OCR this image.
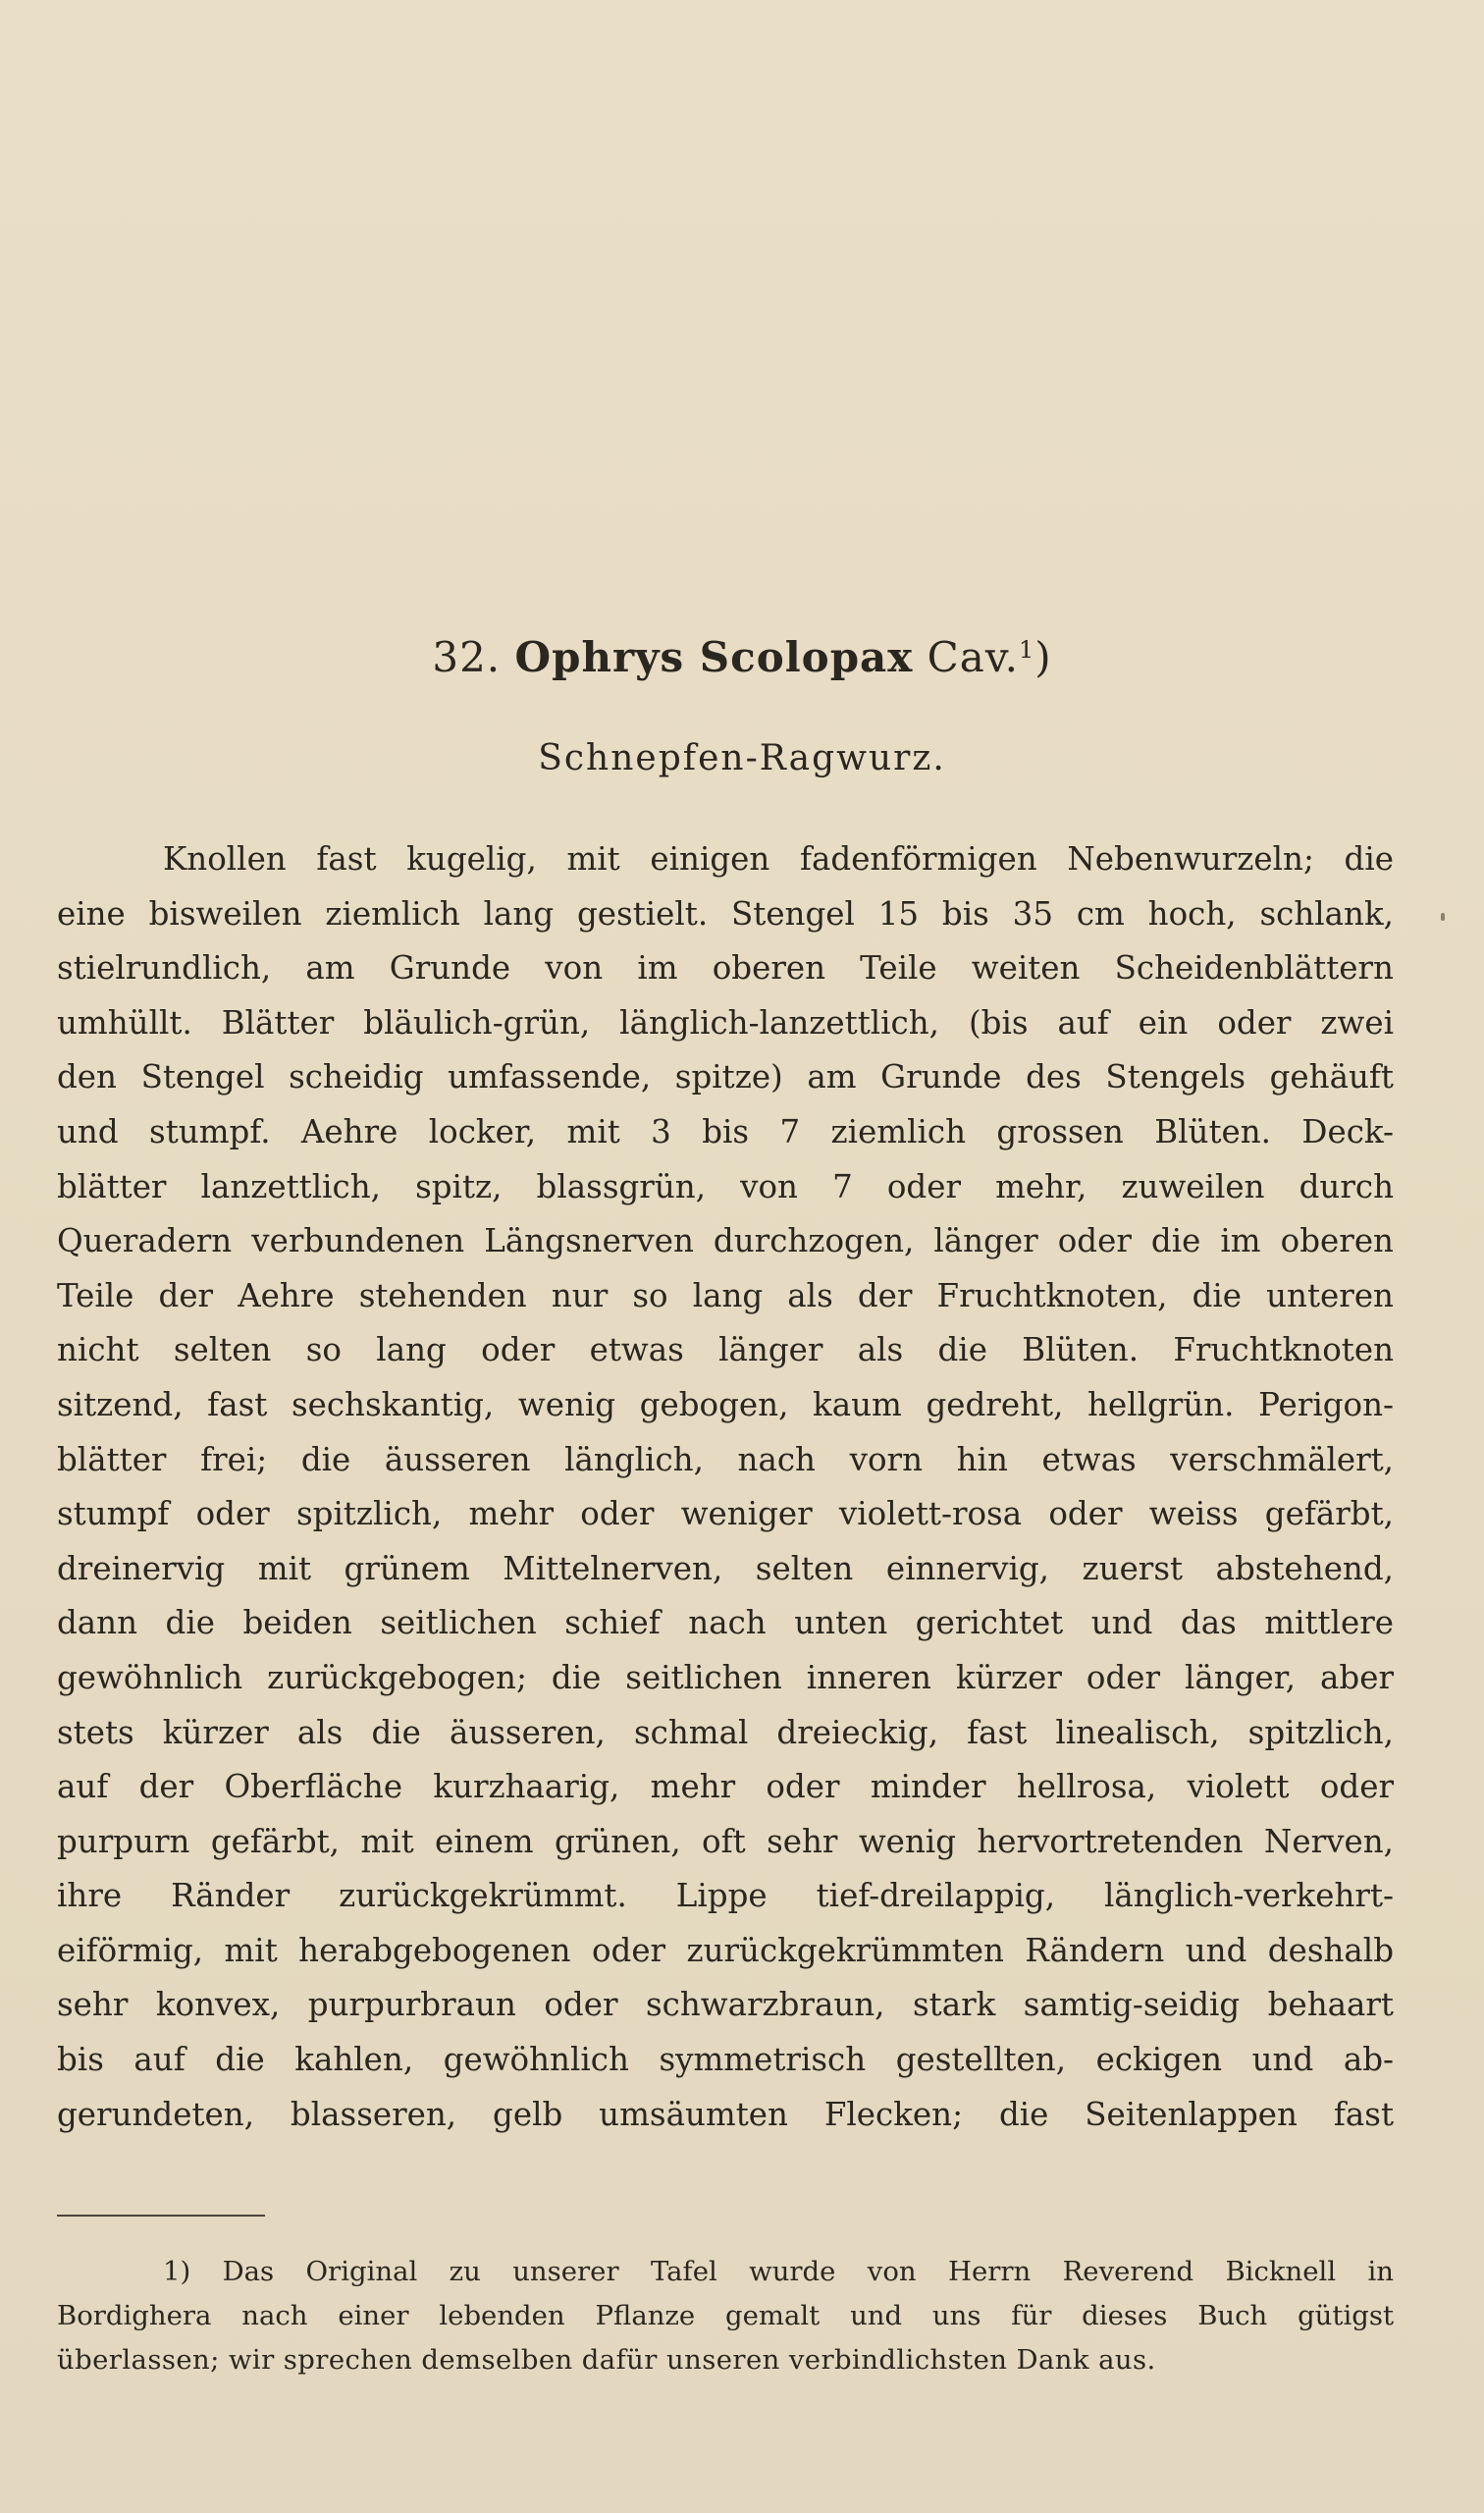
32. Ophrys Scolopax Cav.$^1$)
Schnepfen-Ragwurz.
Knollen fast kugelig, mit einigen fadenförmigen Nebenwurzeln; die
eine bisweilen ziemlich lang gestielt. Stengel 15 bis 35 cm hoch, schlank,
stielrundlich, am Grunde von im oberen Teile weiten Scheidenblättern
umhüllt. Blätter bläulich-grün, länglich-lanzettlich, (bis auf ein oder zwei
den Stengel scheidig umfassende, spitze) am Grunde des Stengels gehäuft
und stumpf. Aehre locker, mit 3 bis 7 ziemlich grossen Blüten. Deck-
blätter lanzettlich, spitz, blassgrün, von 7 oder mehr, zuweilen durch
Queradern verbundenen Längsnerven durchzogen, länger oder die im oberen
Teile der Aehre stehenden nur so lang als der Fruchtknoten, die unteren
nicht selten so lang oder etwas länger als die Blüten. Fruchtknoten
sitzend, fast sechskantig, wenig gebogen, kaum gedreht, hellgrün. Perigon-
blätter frei; die äusseren länglich, nach vorn hin etwas verschmälert,
stumpf oder spitzlich, mehr oder weniger violett-rosa oder weiss gefärbt,
dreinervig mit grünem Mittelnerven, selten einnervig, zuerst abstehend,
dann die beiden seitlichen schief nach unten gerichtet und das mittlere
gewöhnlich zurückgebogen; die seitlichen inneren kürzer oder länger, aber
stets kürzer als die äusseren, schmal dreieckig, fast linealisch, spitzlich,
auf der Oberfläche kurzhaarig, mehr oder minder hellrosa, violett oder
purpurn gefärbt, mit einem grünen, oft sehr wenig hervortretenden Nerven,
ihre Ränder zurückgekrümmt. Lippe tief-dreilappig, länglich-verkehrt-
eiförmig, mit herabgebogenen oder zurückgekrümmten Rändern und deshalb
sehr konvex, purpurbraun oder schwarzbraun, stark samtig-seidig behaart
bis auf die kahlen, gewöhnlich symmetrisch gestellten, eckigen und ab-
gerundeten, blasseren, gelb umsäumten Flecken; die Seitenlappen fast
1) Das Original zu unserer Tafel wurde von Herrn Reverend Bicknell in
Bordighera nach einer lebenden Pflanze gemalt und uns für dieses Buch gütigst
überlassen; wir sprechen demselben dafür unseren verbindlichsten Dank aus.
